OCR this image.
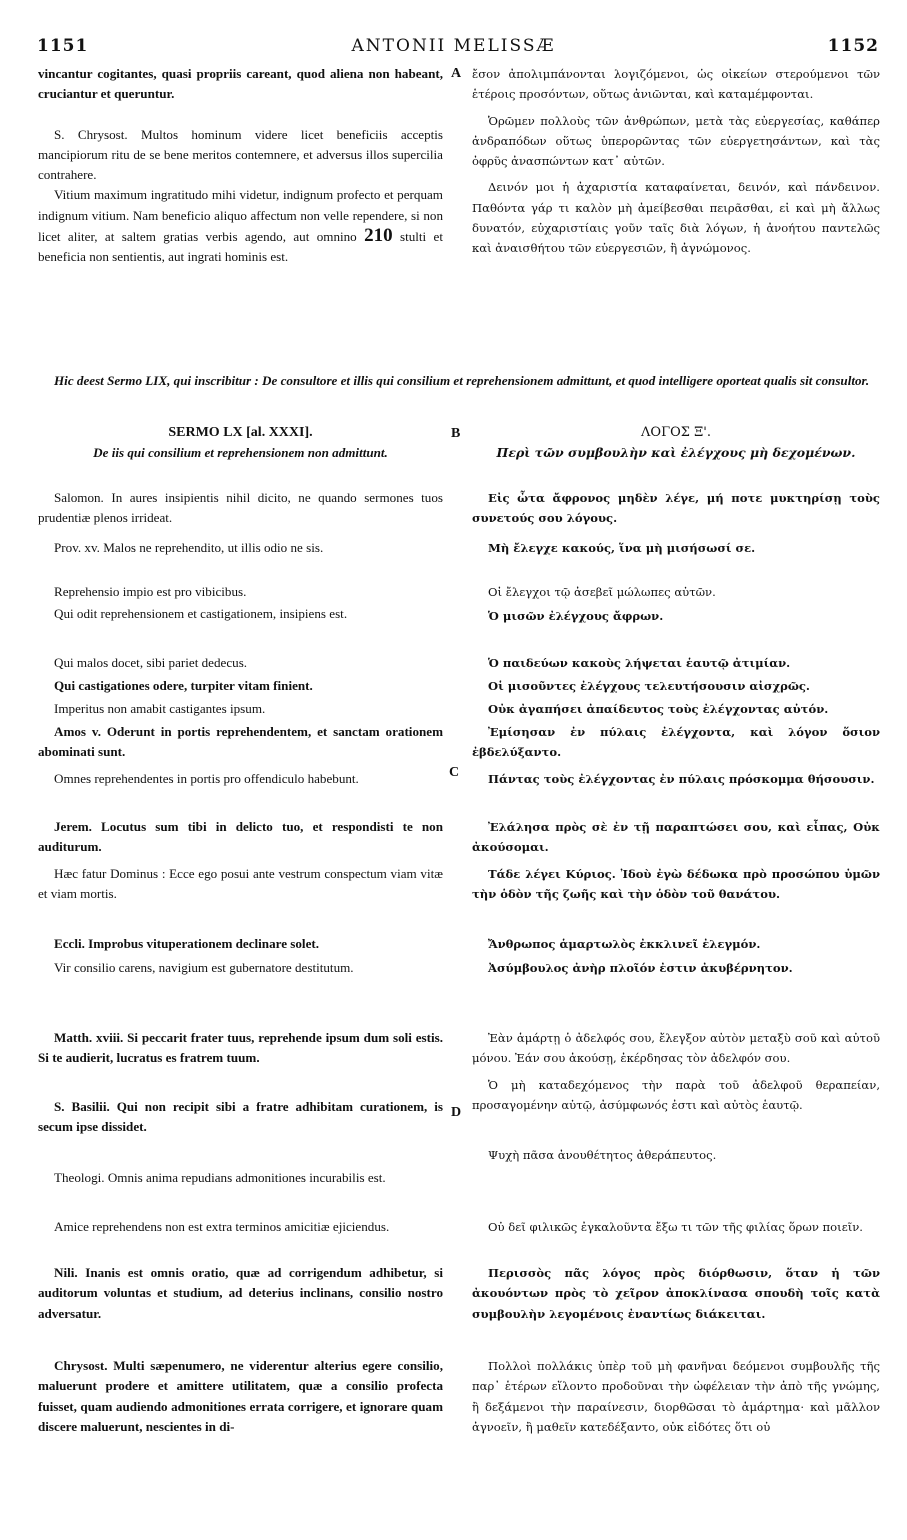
1151	ANTONII MELISSÆ	1152
A
B
C
D

vincantur cogitantes, quasi propriis careant, quod aliena non habeant, cruciantur et queruntur.

S. Chrysost. Multos hominum videre licet beneficiis acceptis mancipiorum ritu de se bene meritos contemnere, et adversus illos supercilia contrahere.

Vitium maximum ingratitudo mihi videtur, indignum profecto et perquam indignum vitium. Nam beneficio aliquo affectum non velle rependere, si non licet aliter, at saltem gratias verbis agendo, aut omnino 210 stulti et beneficia non sentientis, aut ingrati hominis est.

ἔσον ἀπολιμπάνονται λογιζόμενοι, ὡς οἰκείων στερούμενοι τῶν ἑτέροις προσόντων, οὕτως ἀνιῶνται, καὶ καταμέμφονται.

Ὁρῶμεν πολλοὺς τῶν ἀνθρώπων, μετὰ τὰς εὐεργεσίας, καθάπερ ἀνδραπόδων οὕτως ὑπερορῶντας τῶν εὐεργετησάντων, καὶ τὰς ὀφρῦς ἀνασπώντων κατ᾿ αὐτῶν.

Δεινόν μοι ἡ ἀχαριστία καταφαίνεται, δεινόν, καὶ πάνδεινον. Παθόντα γάρ τι καλὸν μὴ ἀμείβεσθαι πειρᾶσθαι, εἰ καὶ μὴ ἄλλως δυνατόν, εὐχαριστίαις γοῦν ταῖς διὰ λόγων, ἡ ἀνοήτου παντελῶς καὶ ἀναισθήτου τῶν εὐεργεσιῶν, ἢ ἀγνώμονος.

Hic deest Sermo LIX, qui inscribitur : De consultore et illis qui consilium et reprehensionem admittunt, et quod intelligere oporteat qualis sit consultor.

SERMO LX [al. XXXI].

De iis qui consilium et reprehensionem non admittunt.

ΛΟΓΟΣ Ξ'.

Περὶ τῶν συμβουλὴν καὶ ἐλέγχους μὴ δεχομένων.

Salomon. In aures insipientis nihil dicito, ne quando sermones tuos prudentiæ plenos irrideat.

Prov. xv. Malos ne reprehendito, ut illis odio ne sis.

Reprehensio impio est pro vibicibus.

Qui odit reprehensionem et castigationem, insipiens est.

Qui malos docet, sibi pariet dedecus.

Qui castigationes odere, turpiter vitam finient.

Imperitus non amabit castigantes ipsum.

Amos v. Oderunt in portis reprehendentem, et sanctam orationem abominati sunt.

Omnes reprehendentes in portis pro offendiculo habebunt.

Jerem. Locutus sum tibi in delicto tuo, et respondisti te non auditurum.

Hæc fatur Dominus : Ecce ego posui ante vestrum conspectum viam vitæ et viam mortis.

Eccli. Improbus vituperationem declinare solet.

Vir consilio carens, navigium est gubernatore destitutum.

Matth. xviii. Si peccarit frater tuus, reprehende ipsum dum soli estis. Si te audierit, lucratus es fratrem tuum.

S. Basilii. Qui non recipit sibi a fratre adhibitam curationem, is secum ipse dissidet.

Theologi. Omnis anima repudians admonitiones incurabilis est.

Amice reprehendens non est extra terminos amicitiæ ejiciendus.

Nili. Inanis est omnis oratio, quæ ad corrigendum adhibetur, si auditorum voluntas et studium, ad deterius inclinans, consilio nostro adversatur.

Chrysost. Multi sæpenumero, ne viderentur alterius egere consilio, maluerunt prodere et amittere utilitatem, quæ a consilio profecta fuisset, quam audiendo admonitiones errata corrigere, et ignorare quam discere maluerunt, nescientes in di-

Εἰς ὦτα ἄφρονος μηδὲν λέγε, μή ποτε μυκτηρίσῃ τοὺς συνετούς σου λόγους.

Μὴ ἔλεγχε κακούς, ἵνα μὴ μισήσωσί σε.

Οἱ ἔλεγχοι τῷ ἀσεβεῖ μώλωπες αὐτῶν.

Ὁ μισῶν ἐλέγχους ἄφρων.

Ὁ παιδεύων κακοὺς λήψεται ἑαυτῷ ἀτιμίαν.

Οἱ μισοῦντες ἐλέγχους τελευτήσουσιν αἰσχρῶς.

Οὐκ ἀγαπήσει ἀπαίδευτος τοὺς ἐλέγχοντας αὐτόν.

Ἐμίσησαν ἐν πύλαις ἐλέγχοντα, καὶ λόγον ὅσιον ἐβδελύξαντο.

Πάντας τοὺς ἐλέγχοντας ἐν πύλαις πρόσκομμα θήσουσιν.

Ἐλάλησα πρὸς σὲ ἐν τῇ παραπτώσει σου, καὶ εἶπας, Οὐκ ἀκούσομαι.

Τάδε λέγει Κύριος. Ἰδοὺ ἐγὼ δέδωκα πρὸ προσώπου ὑμῶν τὴν ὁδὸν τῆς ζωῆς καὶ τὴν ὁδὸν τοῦ θανάτου.

Ἄνθρωπος ἁμαρτωλὸς ἐκκλινεῖ ἐλεγμόν.

Ἀσύμβουλος ἀνὴρ πλοῖόν ἐστιν ἀκυβέρνητον.

Ἐὰν ἁμάρτῃ ὁ ἀδελφός σου, ἔλεγξον αὐτὸν μεταξὺ σοῦ καὶ αὐτοῦ μόνου. Ἐάν σου ἀκούσῃ, ἐκέρδησας τὸν ἀδελφόν σου.

Ὁ μὴ καταδεχόμενος τὴν παρὰ τοῦ ἀδελφοῦ θεραπείαν, προσαγομένην αὐτῷ, ἀσύμφωνός ἐστι καὶ αὐτὸς ἑαυτῷ.

Ψυχὴ πᾶσα ἀνουθέτητος ἀθεράπευτος.

Οὐ δεῖ φιλικῶς ἐγκαλοῦντα ἔξω τι τῶν τῆς φιλίας ὅρων ποιεῖν.

Περισσὸς πᾶς λόγος πρὸς διόρθωσιν, ὅταν ἡ τῶν ἀκουόντων πρὸς τὸ χεῖρον ἀποκλίνασα σπουδὴ τοῖς κατὰ συμβουλὴν λεγομένοις ἐναντίως διάκειται.

Πολλοὶ πολλάκις ὑπὲρ τοῦ μὴ φανῆναι δεόμενοι συμβουλῆς τῆς παρ᾿ ἑτέρων εἵλοντο προδοῦναι τὴν ὠφέλειαν τὴν ἀπὸ τῆς γνώμης, ἢ δεξάμενοι τὴν παραίνεσιν, διορθῶσαι τὸ ἁμάρτημα· καὶ μᾶλλον ἀγνοεῖν, ἢ μαθεῖν κατεδέξαντο, οὐκ εἰδότες ὅτι οὐ
